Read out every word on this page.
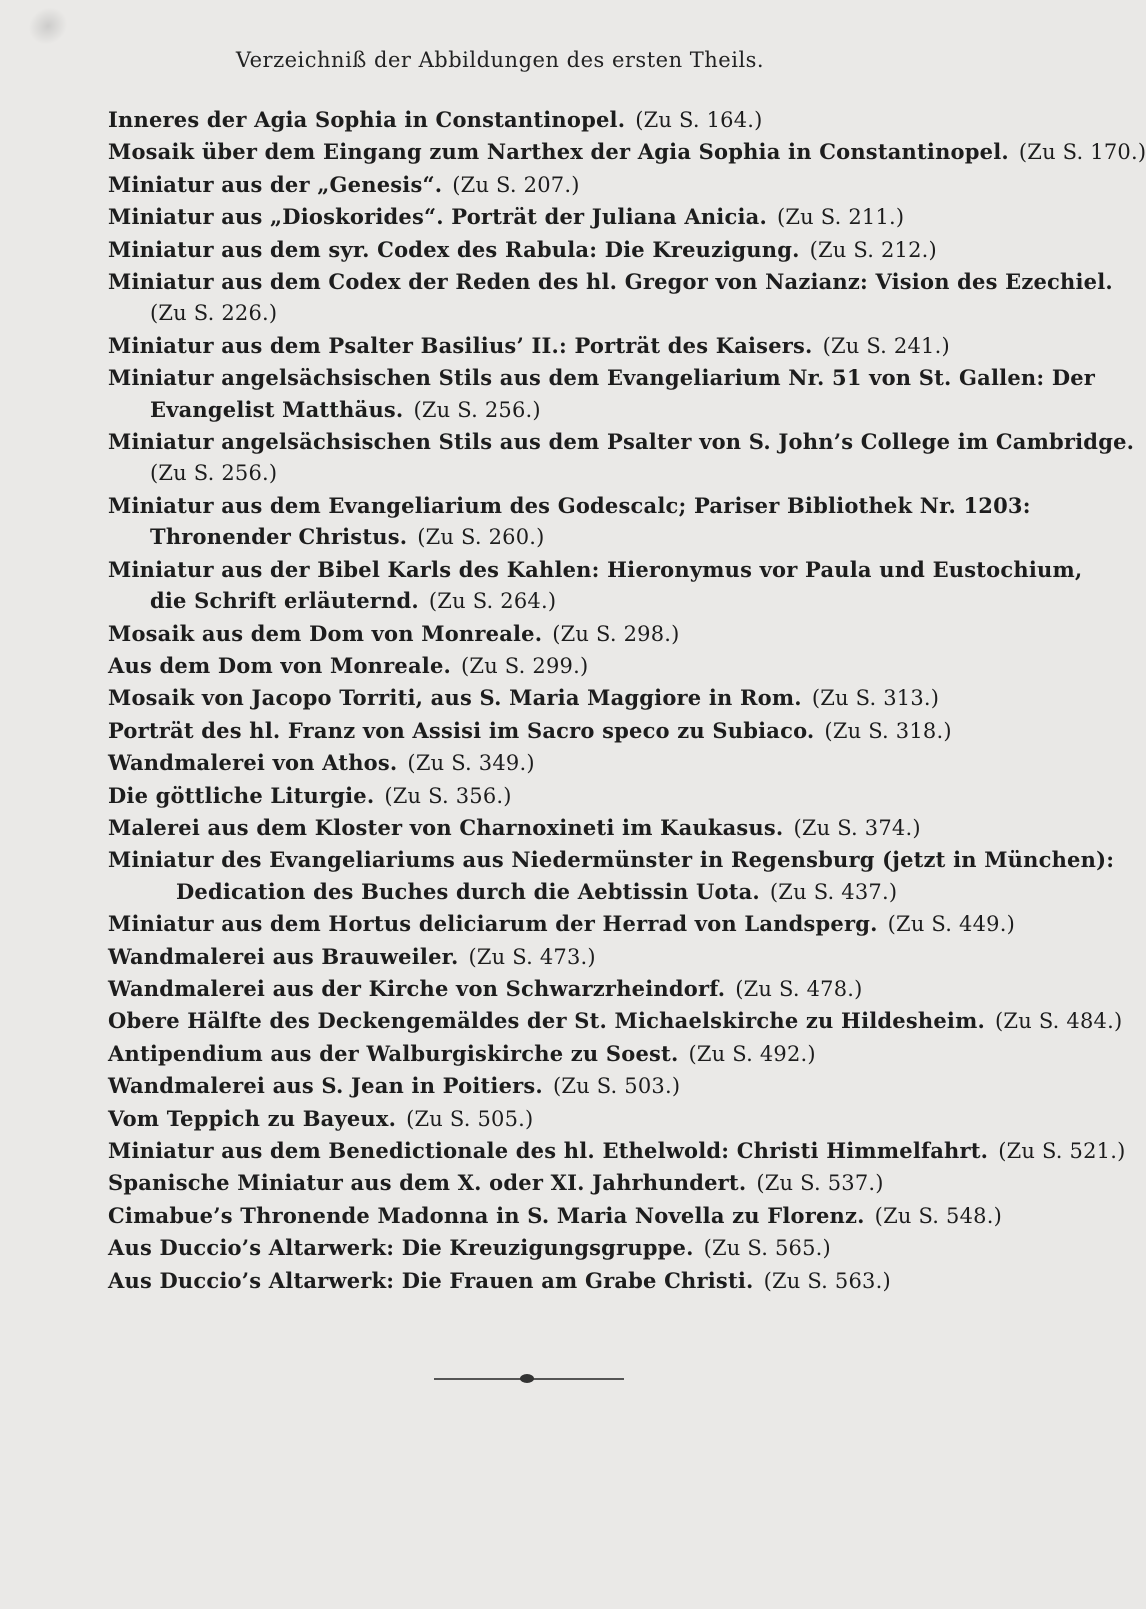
Verzeichniß der Abbildungen des ersten Theils.
Inneres der Agia Sophia in Constantinopel. (Zu S. 164.)
Mosaik über dem Eingang zum Narthex der Agia Sophia in Constantinopel. (Zu S. 170.)
Miniatur aus der „Genesis“. (Zu S. 207.)
Miniatur aus „Dioskorides“. Porträt der Juliana Anicia. (Zu S. 211.)
Miniatur aus dem syr. Codex des Rabula: Die Kreuzigung. (Zu S. 212.)
Miniatur aus dem Codex der Reden des hl. Gregor von Nazianz: Vision des Ezechiel.
(Zu S. 226.)
Miniatur aus dem Psalter Basilius’ II.: Porträt des Kaisers. (Zu S. 241.)
Miniatur angelsächsischen Stils aus dem Evangeliarium Nr. 51 von St. Gallen: Der
Evangelist Matthäus. (Zu S. 256.)
Miniatur angelsächsischen Stils aus dem Psalter von S. John’s College im Cambridge.
(Zu S. 256.)
Miniatur aus dem Evangeliarium des Godescalc; Pariser Bibliothek Nr. 1203:
Thronender Christus. (Zu S. 260.)
Miniatur aus der Bibel Karls des Kahlen: Hieronymus vor Paula und Eustochium,
die Schrift erläuternd. (Zu S. 264.)
Mosaik aus dem Dom von Monreale. (Zu S. 298.)
Aus dem Dom von Monreale. (Zu S. 299.)
Mosaik von Jacopo Torriti, aus S. Maria Maggiore in Rom. (Zu S. 313.)
Porträt des hl. Franz von Assisi im Sacro speco zu Subiaco. (Zu S. 318.)
Wandmalerei von Athos. (Zu S. 349.)
Die göttliche Liturgie. (Zu S. 356.)
Malerei aus dem Kloster von Charnoxineti im Kaukasus. (Zu S. 374.)
Miniatur des Evangeliariums aus Niedermünster in Regensburg (jetzt in München):
Dedication des Buches durch die Aebtissin Uota. (Zu S. 437.)
Miniatur aus dem Hortus deliciarum der Herrad von Landsperg. (Zu S. 449.)
Wandmalerei aus Brauweiler. (Zu S. 473.)
Wandmalerei aus der Kirche von Schwarzrheindorf. (Zu S. 478.)
Obere Hälfte des Deckengemäldes der St. Michaelskirche zu Hildesheim. (Zu S. 484.)
Antipendium aus der Walburgiskirche zu Soest. (Zu S. 492.)
Wandmalerei aus S. Jean in Poitiers. (Zu S. 503.)
Vom Teppich zu Bayeux. (Zu S. 505.)
Miniatur aus dem Benedictionale des hl. Ethelwold: Christi Himmelfahrt. (Zu S. 521.)
Spanische Miniatur aus dem X. oder XI. Jahrhundert. (Zu S. 537.)
Cimabue’s Thronende Madonna in S. Maria Novella zu Florenz. (Zu S. 548.)
Aus Duccio’s Altarwerk: Die Kreuzigungsgruppe. (Zu S. 565.)
Aus Duccio’s Altarwerk: Die Frauen am Grabe Christi. (Zu S. 563.)
